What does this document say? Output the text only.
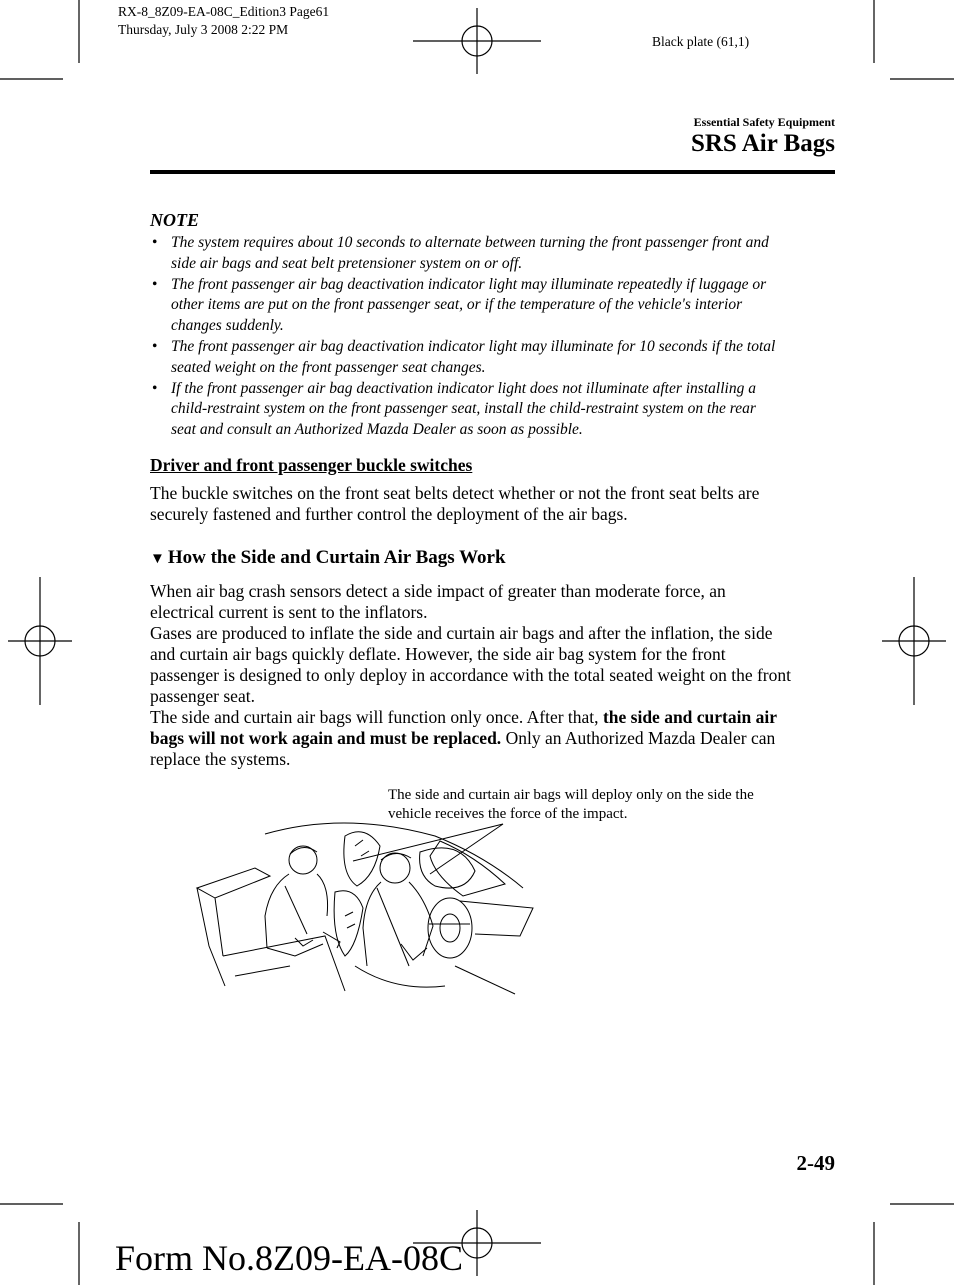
RX-8_8Z09-EA-08C_Edition3 Page61
Thursday, July 3 2008 2:22 PM
Black plate (61,1)
Essential Safety Equipment
SRS Air Bags
NOTE
• The system requires about 10 seconds to alternate between turning the front passenger front and
side air bags and seat belt pretensioner system on or off.
• The front passenger air bag deactivation indicator light may illuminate repeatedly if luggage or
other items are put on the front passenger seat, or if the temperature of the vehicle's interior
changes suddenly.
• The front passenger air bag deactivation indicator light may illuminate for 10 seconds if the total
seated weight on the front passenger seat changes.
• If the front passenger air bag deactivation indicator light does not illuminate after installing a
child-restraint system on the front passenger seat, install the child-restraint system on the rear
seat and consult an Authorized Mazda Dealer as soon as possible.
Driver and front passenger buckle switches
The buckle switches on the front seat belts detect whether or not the front seat belts are
securely fastened and further control the deployment of the air bags.
▼ How the Side and Curtain Air Bags Work
When air bag crash sensors detect a side impact of greater than moderate force, an
electrical current is sent to the inflators.
Gases are produced to inflate the side and curtain air bags and after the inflation, the side
and curtain air bags quickly deflate. However, the side air bag system for the front
passenger is designed to only deploy in accordance with the total seated weight on the front
passenger seat.
The side and curtain air bags will function only once. After that, the side and curtain air
bags will not work again and must be replaced. Only an Authorized Mazda Dealer can
replace the systems.
The side and curtain air bags will deploy only on the side the
vehicle receives the force of the impact.
2-49
Form No.8Z09-EA-08C
